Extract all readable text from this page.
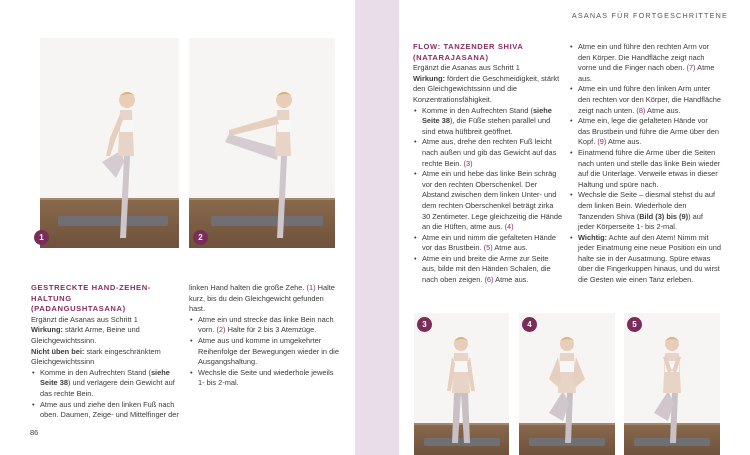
1	2

GESTRECKTE HAND-ZEHEN-HALTUNG

(PADANGUSHTASANA)

Ergänzt die Asanas aus Schritt 1

Wirkung: stärkt Arme, Beine und Gleichgewichtssinn.

Nicht üben bei: stark eingeschränktem Gleichgewichtssinn

• Komme in den Aufrechten Stand (siehe Seite 38) und verlagere dein Gewicht auf das rechte Bein.
• Atme aus und ziehe den linken Fuß nach oben. Daumen, Zeige- und Mittelfinger der

linken Hand halten die große Zehe. (1) Halte kurz, bis du dein Gleichgewicht gefunden hast.

• Atme ein und strecke das linke Bein nach vorn. (2) Halte für 2 bis 3 Atemzüge.
• Atme aus und komme in umgekehrter Reihenfolge der Bewegungen wieder in die Ausgangshaltung.
• Wechsle die Seite und wiederhole jeweils 1- bis 2-mal.
86
ASANAS FÜR FORTGESCHRITTENE

FLOW: TANZENDER SHIVA

(NATARAJASANA)

Ergänzt die Asanas aus Schritt 1

Wirkung: fördert die Geschmeidigkeit, stärkt den Gleichgewichtssinn und die Konzentrationsfähigkeit.

• Komme in den Aufrechten Stand (siehe Seite 38), die Füße stehen parallel und sind etwa hüftbreit geöffnet.
• Atme aus, drehe den rechten Fuß leicht nach außen und gib das Gewicht auf das rechte Bein. (3)
• Atme ein und hebe das linke Bein schräg vor den rechten Oberschenkel. Der Abstand zwischen dem linken Unter- und dem rechten Oberschenkel beträgt zirka 30 Zentimeter. Lege gleichzeitig die Hände an die Hüften, atme aus. (4)
• Atme ein und nimm die gefalteten Hände vor das Brustbein. (5) Atme aus.
• Atme ein und breite die Arme zur Seite aus, bilde mit den Händen Schalen, die nach oben zeigen. (6) Atme aus.
• Atme ein und führe den rechten Arm vor den Körper. Die Handfläche zeigt nach vorne und die Finger nach oben. (7) Atme aus.
• Atme ein und führe den linken Arm unter den rechten vor den Körper, die Handfläche zeigt nach unten. (8) Atme aus.
• Atme ein, lege die gefalteten Hände vor das Brustbein und führe die Arme über den Kopf. (9) Atme aus.
• Einatmend führe die Arme über die Seiten nach unten und stelle das linke Bein wieder auf die Unterlage. Verweile etwas in dieser Haltung und spüre nach.
• Wechsle die Seite – diesmal stehst du auf dem linken Bein. Wiederhole den Tanzenden Shiva (Bild (3) bis (9)) auf jeder Körperseite 1- bis 2-mal.
• Wichtig: Achte auf den Atem! Nimm mit jeder Einatmung eine neue Position ein und halte sie in der Ausatmung. Spüre etwas über die Fingerkuppen hinaus, und du wirst die Gesten wie einen Tanz erleben.
3	4	5
